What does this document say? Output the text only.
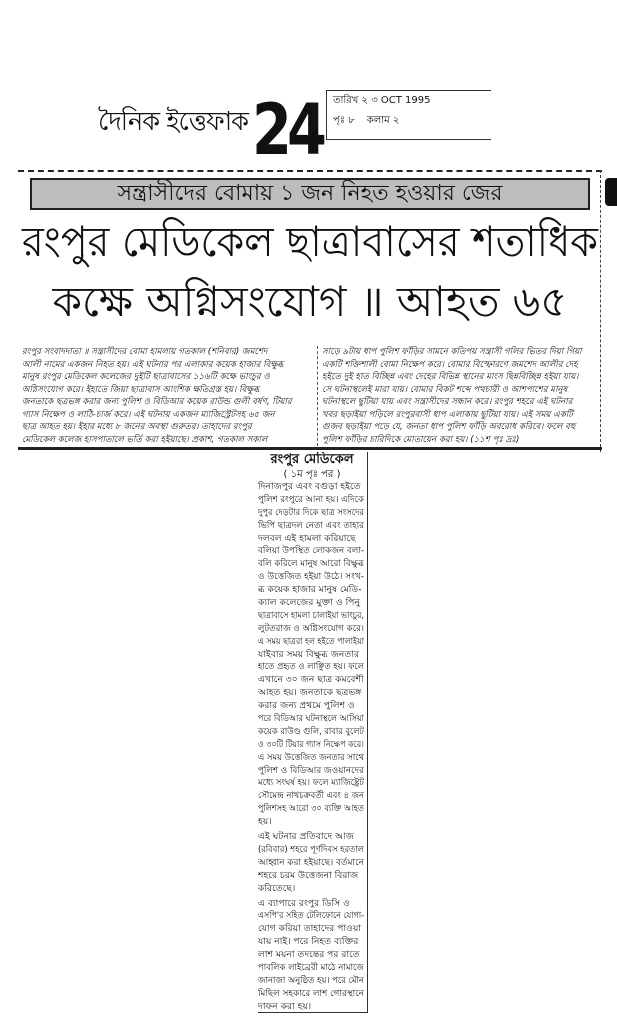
দৈনিক ইত্তেফাক 24	তারিখ ২ ৩ OCT 1995
পৃঃ ৮ কলাম ২
সন্ত্রাসীদের বোমায় ১ জন নিহত হওয়ার জের
রংপুর মেডিকেল ছাত্রাবাসের শতাধিক
কক্ষে অগ্নিসংযোগ ॥ আহত ৬৫
রংপুর সংবাদদাতা ॥ সন্ত্রাসীদের বোমা হামলায় গতকাল (শনিবার) জমশেদ
আলী নামের একজন নিহত হয়। এই ঘটনার পর এলাকার কয়েক হাজার বিক্ষুব্ধ
মানুষ রংপুর মেডিকেল কলেজের দুইটি ছাত্রাবাসের ১১৬টি কক্ষে ভাংচুর ও
অগ্নিসংযোগ করে। ইহাতে জিয়া ছাত্রাবাস আংশিক ক্ষতিগ্রস্ত হয়। বিক্ষুব্ধ
জনতাকে ছত্রভঙ্গ করার জন্য পুলিশ ও বিডিআর কয়েক রাউন্ড গুলী বর্ষণ, টিয়ার
গ্যাস নিক্ষেপ ও লাঠি-চার্জ করে। এই ঘটনায় একজন ম্যাজিস্ট্রেটসহ ৬৫ জন
ছাত্র আহত হয়। ইহার মধ্যে ৮ জনের অবস্থা গুরুতর। তাহাদের রংপুর
মেডিকেল কলেজ হাসপাতালে ভর্তি করা হইয়াছে। প্রকাশ, গতকাল সকাল
সাড়ে ৯টায় ধাপ পুলিশ ফাঁড়ির সামনে কতিপয় সন্ত্রাসী গলির ভিতর দিয়া গিয়া
একটি শক্তিশালী বোমা নিক্ষেপ করে। বোমার বিস্ফোরণে জমশেদ আলীর দেহ
হইতে দুই হাত বিচ্ছিন্ন এবং দেহের বিভিন্ন স্থানের মাংস ছিন্নবিচ্ছিন্ন হইয়া যায়।
সে ঘটনাস্থলেই মারা যায়। বোমার বিকট শব্দে পথচারী ও আশপাশের মানুষ
ঘটনাস্থলে ছুটিয়া যায় এবং সন্ত্রাসীদের সন্ধান করে। রংপুর শহরে এই ঘটনার
খবর ছড়াইয়া পড়িলে রংপুরবাসী ধাপ এলাকায় ছুটিয়া যায়। এই সময় একটি
গুজব ছড়াইয়া পড়ে যে, জনতা ধাপ পুলিশ ফাঁড়ি অবরোধ করিবে। ফলে বহু
পুলিশ ফাঁড়ির চারিদিকে মোতায়েন করা হয়। (১১শ পৃঃ দ্রঃ)
রংপুর মেডিকেল
( ১ম পৃঃ পর )
দিনাজপুর এবং বগুড়া হইতে
পুলিশ রংপুরে আনা হয়। এদিকে
দুপুর দেড়টার দিকে ছাত্র সংসদের
ভিপি ছাত্রদল নেতা এবং তাহার
দলবল এই হামলা করিয়াছে
বলিয়া উপস্থিত লোকজন বলা-
বলি করিলে মানুষ আরো বিক্ষুব্ধ
ও উত্তেজিত হইয়া উঠে। সংখ-
ব্ধ কয়েক হাজার মানুষ মেডি-
ক্যাল কলেজের মুক্তা ও পিনু
ছাত্রাবাসে হামলা চালাইয়া ভাংচুর,
লুটতরাজ ও অগ্নিসংযোগ করে।
এ সময় ছাত্ররা হল হইতে পালাইয়া
যাইবার সময় বিক্ষুব্ধ জনতার
হাতে প্রহৃত ও লাঞ্ছিত হয়। ফলে
এখানে ৩০ জন ছাত্র কমবেশী
আহত হয়। জনতাকে ছত্রভঙ্গ
করার জন্য প্রথমে পুলিশ ও
পরে বিডিআর ঘটনাস্থলে আসিয়া
কয়েক রাউণ্ড গুলি, রাবার বুলেট
ও ৩০টি টিয়ার গ্যাস নিক্ষেপ করে।
এ সময় উত্তেজিত জনতার সাথে
পুলিশ ও বিডিআর জওয়ানদের
মধ্যে সংঘর্ষ হয়। ফলে ম্যাজিষ্ট্রেট
সৌমেন্দ্র নাথচক্রবর্তী এবং ৪ জন
পুলিশসহ আরো ৩০ ব্যক্তি আহত
হয়।
এই ঘটনার প্রতিবাদে আজ
(রবিবার) শহরে পূর্ণদিবস হরতাল
আহ্বান করা হইয়াছে। বর্তমানে
শহরে চরম উত্তেজনা বিরাজ
করিতেছে।
এ ব্যাপারে রংপুর ডিসি ও
এসপি'র সহিত টেলিফোনে যোগা-
যোগ করিয়া তাহাদের পাওয়া
যায় নাই। পরে নিহত ব্যক্তির
লাশ ময়না তদন্তের পর রাতে
পাবলিক লাইব্রেরী মাঠে নামাজে
জানাজা অনুষ্ঠিত হয়। পরে মৌন
মিছিল সহকারে লাশ গোরস্থানে
দাফন করা হয়।
